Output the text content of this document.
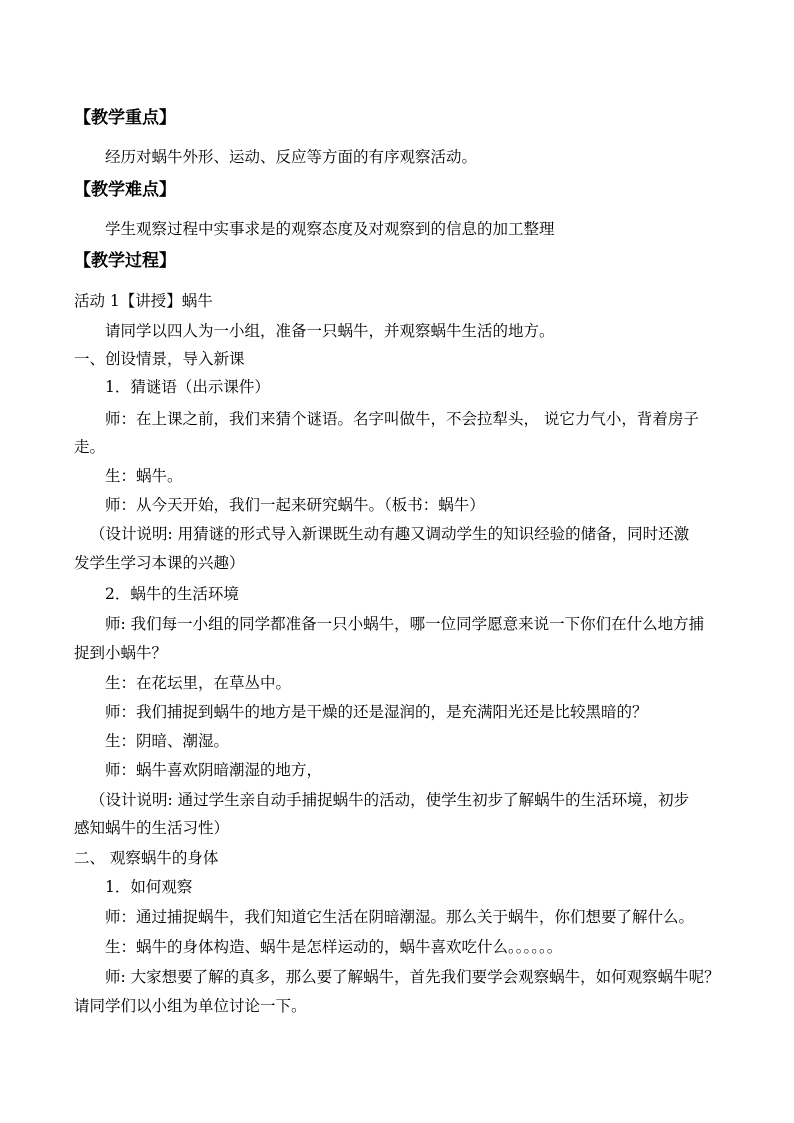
【教学重点】
经历对蜗牛外形、运动、反应等方面的有序观察活动。
【教学难点】
学生观察过程中实事求是的观察态度及对观察到的信息的加工整理
【教学过程】
活动 1【讲授】蜗牛
请同学以四人为一小组，准备一只蜗牛，并观察蜗牛生活的地方。
一、创设情景，导入新课
1．猜谜语（出示课件）
师：在上课之前，我们来猜个谜语。名字叫做牛，不会拉犁头， 说它力气小，背着房子
走。
生：蜗牛。
师：从今天开始，我们一起来研究蜗牛。（板书：蜗牛）
（设计说明: 用猜谜的形式导入新课既生动有趣又调动学生的知识经验的储备，同时还激
发学生学习本课的兴趣）
2．蜗牛的生活环境
师: 我们每一小组的同学都准备一只小蜗牛，哪一位同学愿意来说一下你们在什么地方捕
捉到小蜗牛？
生：在花坛里，在草丛中。
师：我们捕捉到蜗牛的地方是干燥的还是湿润的，是充满阳光还是比较黑暗的？
生：阴暗、潮湿。
师：蜗牛喜欢阴暗潮湿的地方，
（设计说明: 通过学生亲自动手捕捉蜗牛的活动，使学生初步了解蜗牛的生活环境，初步
感知蜗牛的生活习性）
二、 观察蜗牛的身体
1．如何观察
师：通过捕捉蜗牛，我们知道它生活在阴暗潮湿。那么关于蜗牛，你们想要了解什么。
生：蜗牛的身体构造、蜗牛是怎样运动的，蜗牛喜欢吃什么。。。。。。
师: 大家想要了解的真多，那么要了解蜗牛，首先我们要学会观察蜗牛，如何观察蜗牛呢？
请同学们以小组为单位讨论一下。
